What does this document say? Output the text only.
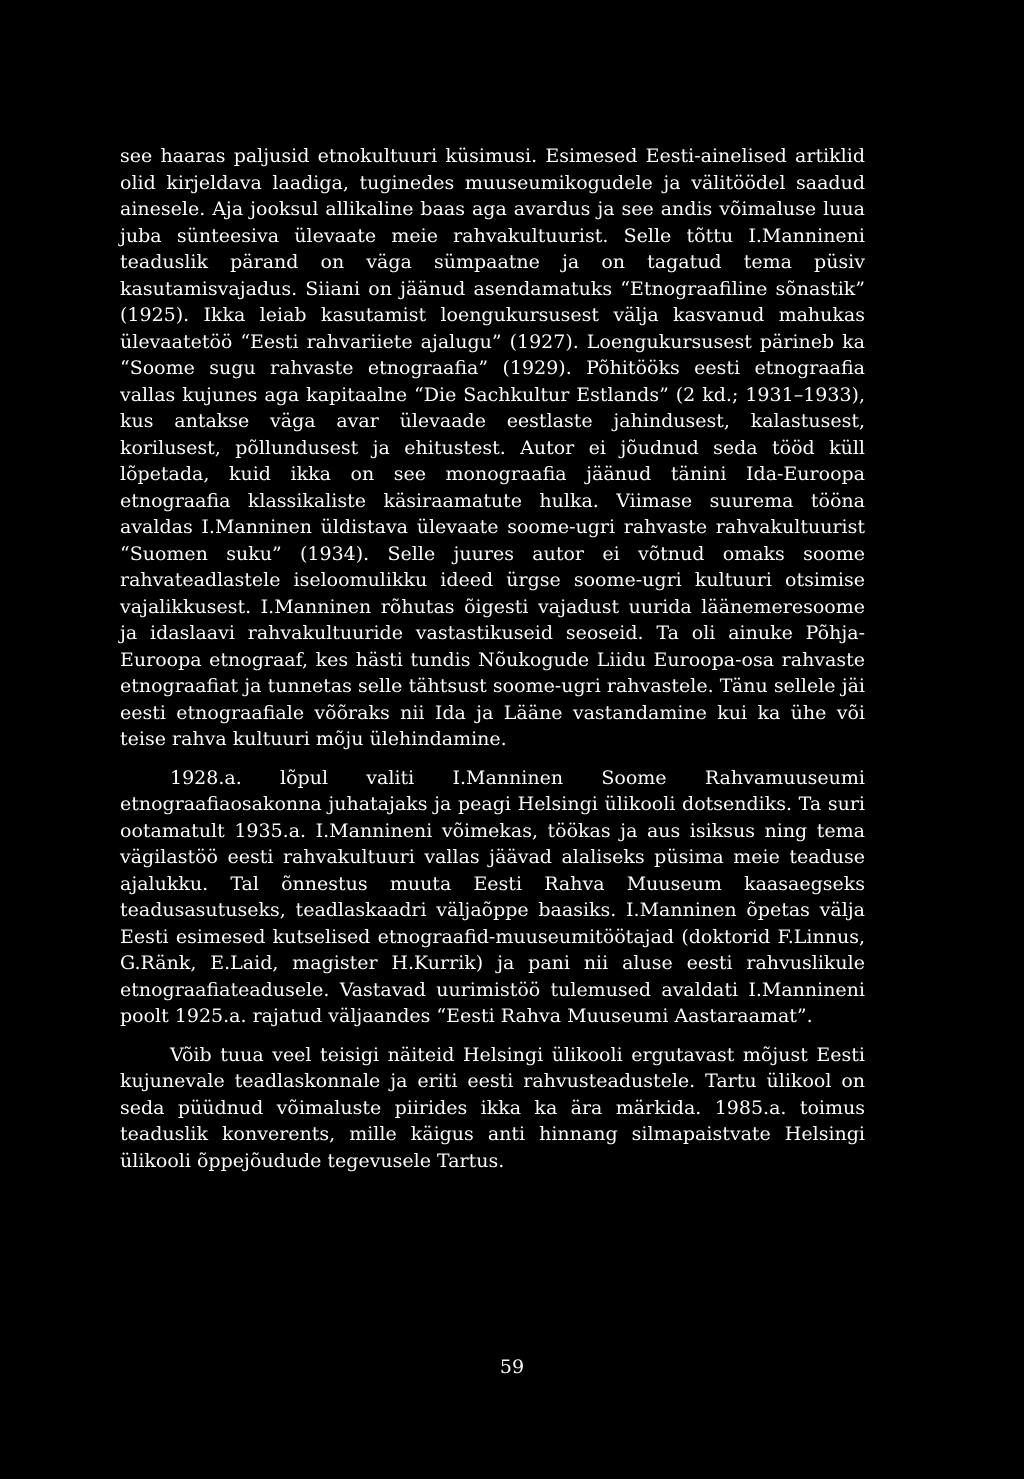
see haaras paljusid etnokultuuri küsimusi. Esimesed Eesti-ainelised artiklid olid kirjeldava laadiga, tuginedes muuseumikogudele ja välitöödel saadud ainesele. Aja jooksul allikaline baas aga avardus ja see andis võimaluse luua juba sünteesiva ülevaate meie rahvakultuurist. Selle tõttu I.Mannineni teaduslik pärand on väga sümpaatne ja on tagatud tema püsiv kasutamisvajadus. Siiani on jäänud asendamatuks “Etnograafiline sõnastik” (1925). Ikka leiab kasutamist loengukursusest välja kasvanud mahukas ülevaatetöö “Eesti rahvariiete ajalugu” (1927). Loengukursusest pärineb ka “Soome sugu rahvaste etnograafia” (1929). Põhitööks eesti etnograafia vallas kujunes aga kapitaalne “Die Sachkultur Estlands” (2 kd.; 1931–1933), kus antakse väga avar ülevaade eestlaste jahindusest, kalastusest, korilusest, põllundusest ja ehitustest. Autor ei jõudnud seda tööd küll lõpetada, kuid ikka on see monograafia jäänud tänini Ida-Euroopa etnograafia klassikaliste käsiraamatute hulka. Viimase suurema tööna avaldas I.Manninen üldistava ülevaate soome-ugri rahvaste rahvakultuurist “Suomen suku” (1934). Selle juures autor ei võtnud omaks soome rahvateadlastele iseloomulikku ideed ürgse soome-ugri kultuuri otsimise vajalikkusest. I.Manninen rõhutas õigesti vajadust uurida läänemeresoome ja idaslaavi rahvakultuuride vastastikuseid seoseid. Ta oli ainuke Põhja-Euroopa etnograaf, kes hästi tundis Nõukogude Liidu Euroopa-osa rahvaste etnograafiat ja tunnetas selle tähtsust soome-ugri rahvastele. Tänu sellele jäi eesti etnograafiale võõraks nii Ida ja Lääne vastandamine kui ka ühe või teise rahva kultuuri mõju ülehindamine.

1928.a. lõpul valiti I.Manninen Soome Rahvamuuseumi etnograafiaosakonna juhatajaks ja peagi Helsingi ülikooli dotsendiks. Ta suri ootamatult 1935.a. I.Mannineni võimekas, töökas ja aus isiksus ning tema vägilastöö eesti rahvakultuuri vallas jäävad alaliseks püsima meie teaduse ajalukku. Tal õnnestus muuta Eesti Rahva Muuseum kaasaegseks teadusasutuseks, teadlaskaadri väljaõppe baasiks. I.Manninen õpetas välja Eesti esimesed kutselised etnograafid-muuseumitöötajad (doktorid F.Linnus, G.Ränk, E.Laid, magister H.Kurrik) ja pani nii aluse eesti rahvuslikule etnograafiateadusele. Vastavad uurimistöö tulemused avaldati I.Mannineni poolt 1925.a. rajatud väljaandes “Eesti Rahva Muuseumi Aastaraamat”.

Võib tuua veel teisigi näiteid Helsingi ülikooli ergutavast mõjust Eesti kujunevale teadlaskonnale ja eriti eesti rahvusteadustele. Tartu ülikool on seda püüdnud võimaluste piirides ikka ka ära märkida. 1985.a. toimus teaduslik konverents, mille käigus anti hinnang silmapaistvate Helsingi ülikooli õppejõudude tegevusele Tartus.

59
